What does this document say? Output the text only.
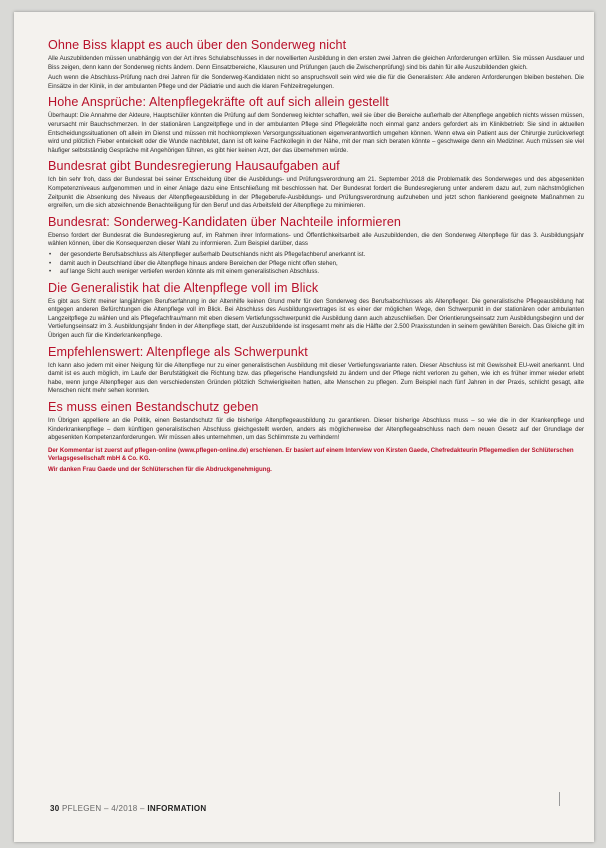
Ohne Biss klappt es auch über den Sonderweg nicht

Alle Auszubildenden müssen unabhängig von der Art ihres Schulabschlusses in der novellierten Ausbildung in den ersten zwei Jahren die gleichen Anforderungen erfüllen. Sie müssen Ausdauer und Biss zeigen, denn kann der Sonderweg nichts ändern. Denn Einsatzbereiche, Klausuren und Prüfungen (auch die Zwischenprüfung) sind bis dahin für alle Auszubildenden gleich.

Auch wenn die Abschluss-Prüfung nach drei Jahren für die Sonderweg-Kandidaten nicht so anspruchsvoll sein wird wie die für die Generalisten: Alle anderen Anforderungen bleiben bestehen. Die Einsätze in der Klinik, in der ambulanten Pflege und der Pädiatrie und auch die klaren Fehlzeitregelungen.

Hohe Ansprüche: Altenpflegekräfte oft auf sich allein gestellt

Überhaupt: Die Annahme der Akteure, Hauptschüler könnten die Prüfung auf dem Sonderweg leichter schaffen, weil sie über die Bereiche außerhalb der Altenpflege angeblich nichts wissen müssen, verursacht mir Bauchschmerzen. In der stationären Langzeitpflege und in der ambulanten Pflege sind Pflegekräfte noch einmal ganz anders gefordert als im Klinikbetrieb: Sie sind in aktuellen Entscheidungssituationen oft allein im Dienst und müssen mit hochkomplexen Versorgungssituationen eigenverantwortlich umgehen können. Wenn etwa ein Patient aus der Chirurgie zurückverlegt wird und plötzlich Fieber entwickelt oder die Wunde nachblutet, dann ist oft keine Fachkollegin in der Nähe, mit der man sich beraten könnte – geschweige denn ein Mediziner. Auch müssen sie viel häufiger selbstständig Gespräche mit Angehörigen führen, es gibt hier keinen Arzt, der das übernehmen würde.

Bundesrat gibt Bundesregierung Hausaufgaben auf

Ich bin sehr froh, dass der Bundesrat bei seiner Entscheidung über die Ausbildungs- und Prüfungsverordnung am 21. September 2018 die Problematik des Sonderweges und des abgesenkten Kompetenzniveaus aufgenommen und in einer Anlage dazu eine Entschließung mit beschlossen hat. Der Bundesrat fordert die Bundesregierung unter anderem dazu auf, zum nächstmöglichen Zeitpunkt die Absenkung des Niveaus der Altenpflegeausbildung in der Pflegeberufe-Ausbildungs- und Prüfungsverordnung aufzuheben und jetzt schon flankierend geeignete Maßnahmen zu ergreifen, um die sich abzeichnende Benachteiligung für den Beruf und das Arbeitsfeld der Altenpflege zu minimieren.

Bundesrat: Sonderweg-Kandidaten über Nachteile informieren

Ebenso fordert der Bundesrat die Bundesregierung auf, im Rahmen ihrer Informations- und Öffentlichkeitsarbeit alle Auszubildenden, die den Sonderweg Altenpflege für das 3. Ausbildungsjahr wählen können, über die Konsequenzen dieser Wahl zu informieren. Zum Beispiel darüber, dass

• der gesonderte Berufsabschluss als Altenpfleger außerhalb Deutschlands nicht als Pflegefachberuf anerkannt ist.
• damit auch in Deutschland über die Altenpflege hinaus andere Bereichen der Pflege nicht offen stehen,
• auf lange Sicht auch weniger vertiefen werden könnte als mit einem generalistischen Abschluss.
Die Generalistik hat die Altenpflege voll im Blick

Es gibt aus Sicht meiner langjährigen Berufserfahrung in der Altenhilfe keinen Grund mehr für den Sonderweg des Berufsabschlusses als Altenpfleger. Die generalistische Pflegeausbildung hat entgegen anderen Befürchtungen die Altenpflege voll im Blick. Bei Abschluss des Ausbildungsvertrages ist es einer der möglichen Wege, den Schwerpunkt in der stationären oder ambulanten Langzeitpflege zu wählen und als Pflegefachfrau/mann mit eben diesem Vertiefungsschwerpunkt die Ausbildung dann auch abzuschließen. Der Orientierungseinsatz zum Ausbildungsbeginn und der Vertiefungseinsatz im 3. Ausbildungsjahr finden in der Altenpflege statt, der Auszubildende ist insgesamt mehr als die Hälfte der 2.500 Praxisstunden in seinem gewählten Bereich. Das Gleiche gilt im Übrigen auch für die Kinderkrankenpflege.

Empfehlenswert: Altenpflege als Schwerpunkt

Ich kann also jedem mit einer Neigung für die Altenpflege nur zu einer generalistischen Ausbildung mit dieser Vertiefungsvariante raten. Dieser Abschluss ist mit Gewissheit EU-weit anerkannt. Und damit ist es auch möglich, im Laufe der Berufstätigkeit die Richtung bzw. das pflegerische Handlungsfeld zu ändern und der Pflege nicht verloren zu gehen, wie ich es früher immer wieder erlebt habe, wenn junge Altenpfleger aus den verschiedensten Gründen plötzlich Schwierigkeiten hatten, alte Menschen zu pflegen. Zum Beispiel nach fünf Jahren in der Praxis, schlicht gesagt, alte Menschen nicht mehr sehen konnten.

Es muss einen Bestandschutz geben

Im Übrigen appelliere an die Politik, einen Bestandschutz für die bisherige Altenpflegeausbildung zu garantieren. Dieser bisherige Abschluss muss – so wie die in der Krankenpflege und Kinderkrankenpflege – dem künftigen generalistischen Abschluss gleichgestellt werden, anders als möglicherweise der Altenpflegeabschluss nach dem neuen Gesetz auf der Grundlage der abgesenkten Kompetenzanforderungen. Wir müssen alles unternehmen, um das Schlimmste zu verhindern!

Der Kommentar ist zuerst auf pflegen-online (www.pflegen-online.de) erschienen. Er basiert auf einem Interview von Kirsten Gaede, Chefredakteurin Pflegemedien der Schlüterschen Verlagsgesellschaft mbH & Co. KG.

Wir danken Frau Gaede und der Schlüterschen für die Abdruckgenehmigung.

30 PFLEGEN – 4/2018 – INFORMATION
